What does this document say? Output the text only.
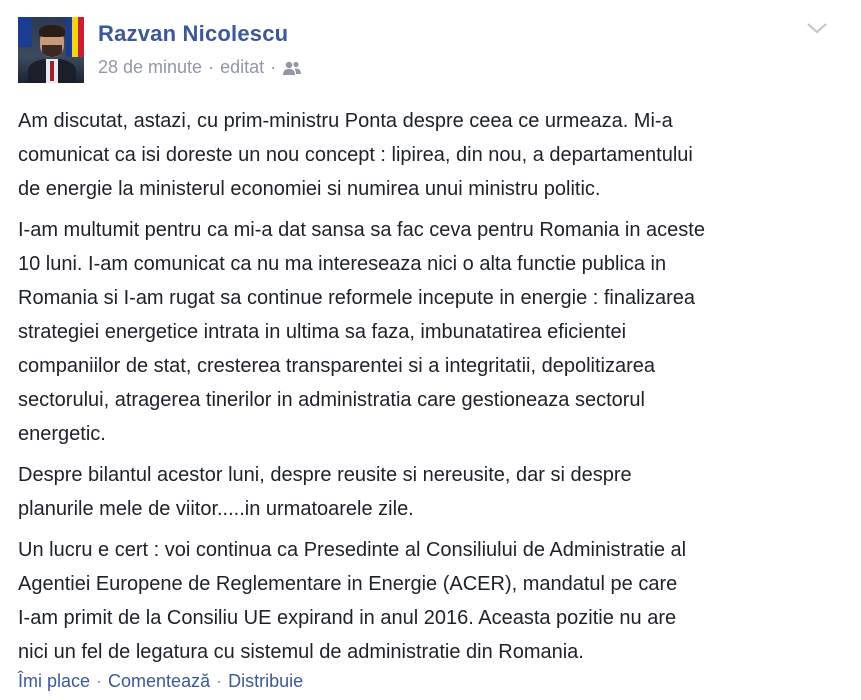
Razvan Nicolescu
28 de minute · editat ·

Am discutat, astazi, cu prim-ministru Ponta despre ceea ce urmeaza. Mi-a
comunicat ca isi doreste un nou concept : lipirea, din nou, a departamentului
de energie la ministerul economiei si numirea unui ministru politic.

I-am multumit pentru ca mi-a dat sansa sa fac ceva pentru Romania in aceste
10 luni. I-am comunicat ca nu ma intereseaza nici o alta functie publica in
Romania si I-am rugat sa continue reformele incepute in energie : finalizarea
strategiei energetice intrata in ultima sa faza, imbunatatirea eficientei
companiilor de stat, cresterea transparentei si a integritatii, depolitizarea
sectorului, atragerea tinerilor in administratia care gestioneaza sectorul
energetic.

Despre bilantul acestor luni, despre reusite si nereusite, dar si despre
planurile mele de viitor.....in urmatoarele zile.

Un lucru e cert : voi continua ca Presedinte al Consiliului de Administratie al
Agentiei Europene de Reglementare in Energie (ACER), mandatul pe care
I-am primit de la Consiliu UE expirand in anul 2016. Aceasta pozitie nu are
nici un fel de legatura cu sistemul de administratie din Romania.

Îmi place · Comentează · Distribuie
